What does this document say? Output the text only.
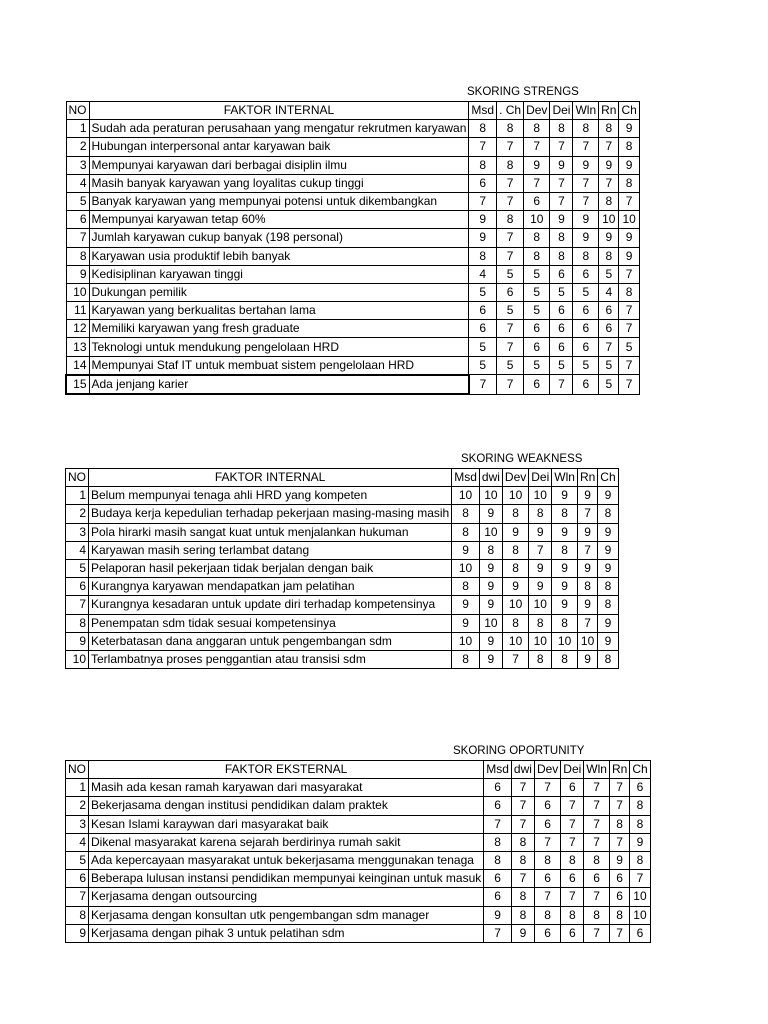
SKORING STRENGS
NO	FAKTOR INTERNAL	Msd	. Ch	Dev	Dei	Wln	Rn	Ch
1	Sudah ada peraturan perusahaan yang mengatur rekrutmen karyawan	8	8	8	8	8	8	9
2	Hubungan interpersonal antar karyawan baik	7	7	7	7	7	7	8
3	Mempunyai karyawan dari berbagai disiplin ilmu	8	8	9	9	9	9	9
4	Masih banyak karyawan yang loyalitas cukup tinggi	6	7	7	7	7	7	8
5	Banyak karyawan yang mempunyai potensi untuk dikembangkan	7	7	6	7	7	8	7
6	Mempunyai karyawan tetap 60%	9	8	10	9	9	10	10
7	Jumlah karyawan cukup banyak (198 personal)	9	7	8	8	9	9	9
8	Karyawan usia produktif lebih banyak	8	7	8	8	8	8	9
9	Kedisiplinan karyawan tinggi	4	5	5	6	6	5	7
10	Dukungan pemilik	5	6	5	5	5	4	8
11	Karyawan yang berkualitas bertahan lama	6	5	5	6	6	6	7
12	Memiliki karyawan yang fresh graduate	6	7	6	6	6	6	7
13	Teknologi untuk mendukung pengelolaan HRD	5	7	6	6	6	7	5
14	Mempunyai Staf IT untuk membuat sistem pengelolaan HRD	5	5	5	5	5	5	7
15	Ada jenjang karier	7	7	6	7	6	5	7
SKORING WEAKNESS
NO	FAKTOR INTERNAL	Msd	dwi	Dev	Dei	Wln	Rn	Ch
1	Belum mempunyai tenaga ahli HRD yang kompeten	10	10	10	10	9	9	9
2	Budaya kerja kepedulian terhadap pekerjaan masing-masing masih	8	9	8	8	8	7	8
3	Pola hirarki masih sangat kuat untuk menjalankan hukuman	8	10	9	9	9	9	9
4	Karyawan masih sering terlambat datang	9	8	8	7	8	7	9
5	Pelaporan hasil pekerjaan tidak berjalan dengan baik	10	9	8	9	9	9	9
6	Kurangnya karyawan mendapatkan jam pelatihan	8	9	9	9	9	8	8
7	Kurangnya kesadaran untuk update diri terhadap kompetensinya	9	9	10	10	9	9	8
8	Penempatan sdm tidak sesuai kompetensinya	9	10	8	8	8	7	9
9	Keterbatasan dana anggaran untuk pengembangan sdm	10	9	10	10	10	10	9
10	Terlambatnya proses penggantian atau transisi sdm	8	9	7	8	8	9	8
SKORING OPORTUNITY
NO	FAKTOR EKSTERNAL	Msd	dwi	Dev	Dei	Wln	Rn	Ch
1	Masih ada kesan ramah karyawan dari masyarakat	6	7	7	6	7	7	6
2	Bekerjasama dengan institusi pendidikan dalam praktek	6	7	6	7	7	7	8
3	Kesan Islami karaywan dari masyarakat baik	7	7	6	7	7	8	8
4	Dikenal masyarakat karena sejarah berdirinya rumah sakit	8	8	7	7	7	7	9
5	Ada kepercayaan masyarakat untuk bekerjasama menggunakan tenaga	8	8	8	8	8	9	8
6	Beberapa lulusan instansi pendidikan mempunyai keinginan untuk masuk	6	7	6	6	6	6	7
7	Kerjasama dengan outsourcing	6	8	7	7	7	6	10
8	Kerjasama dengan konsultan utk pengembangan sdm manager	9	8	8	8	8	8	10
9	Kerjasama dengan pihak 3 untuk pelatihan sdm	7	9	6	6	7	7	6
